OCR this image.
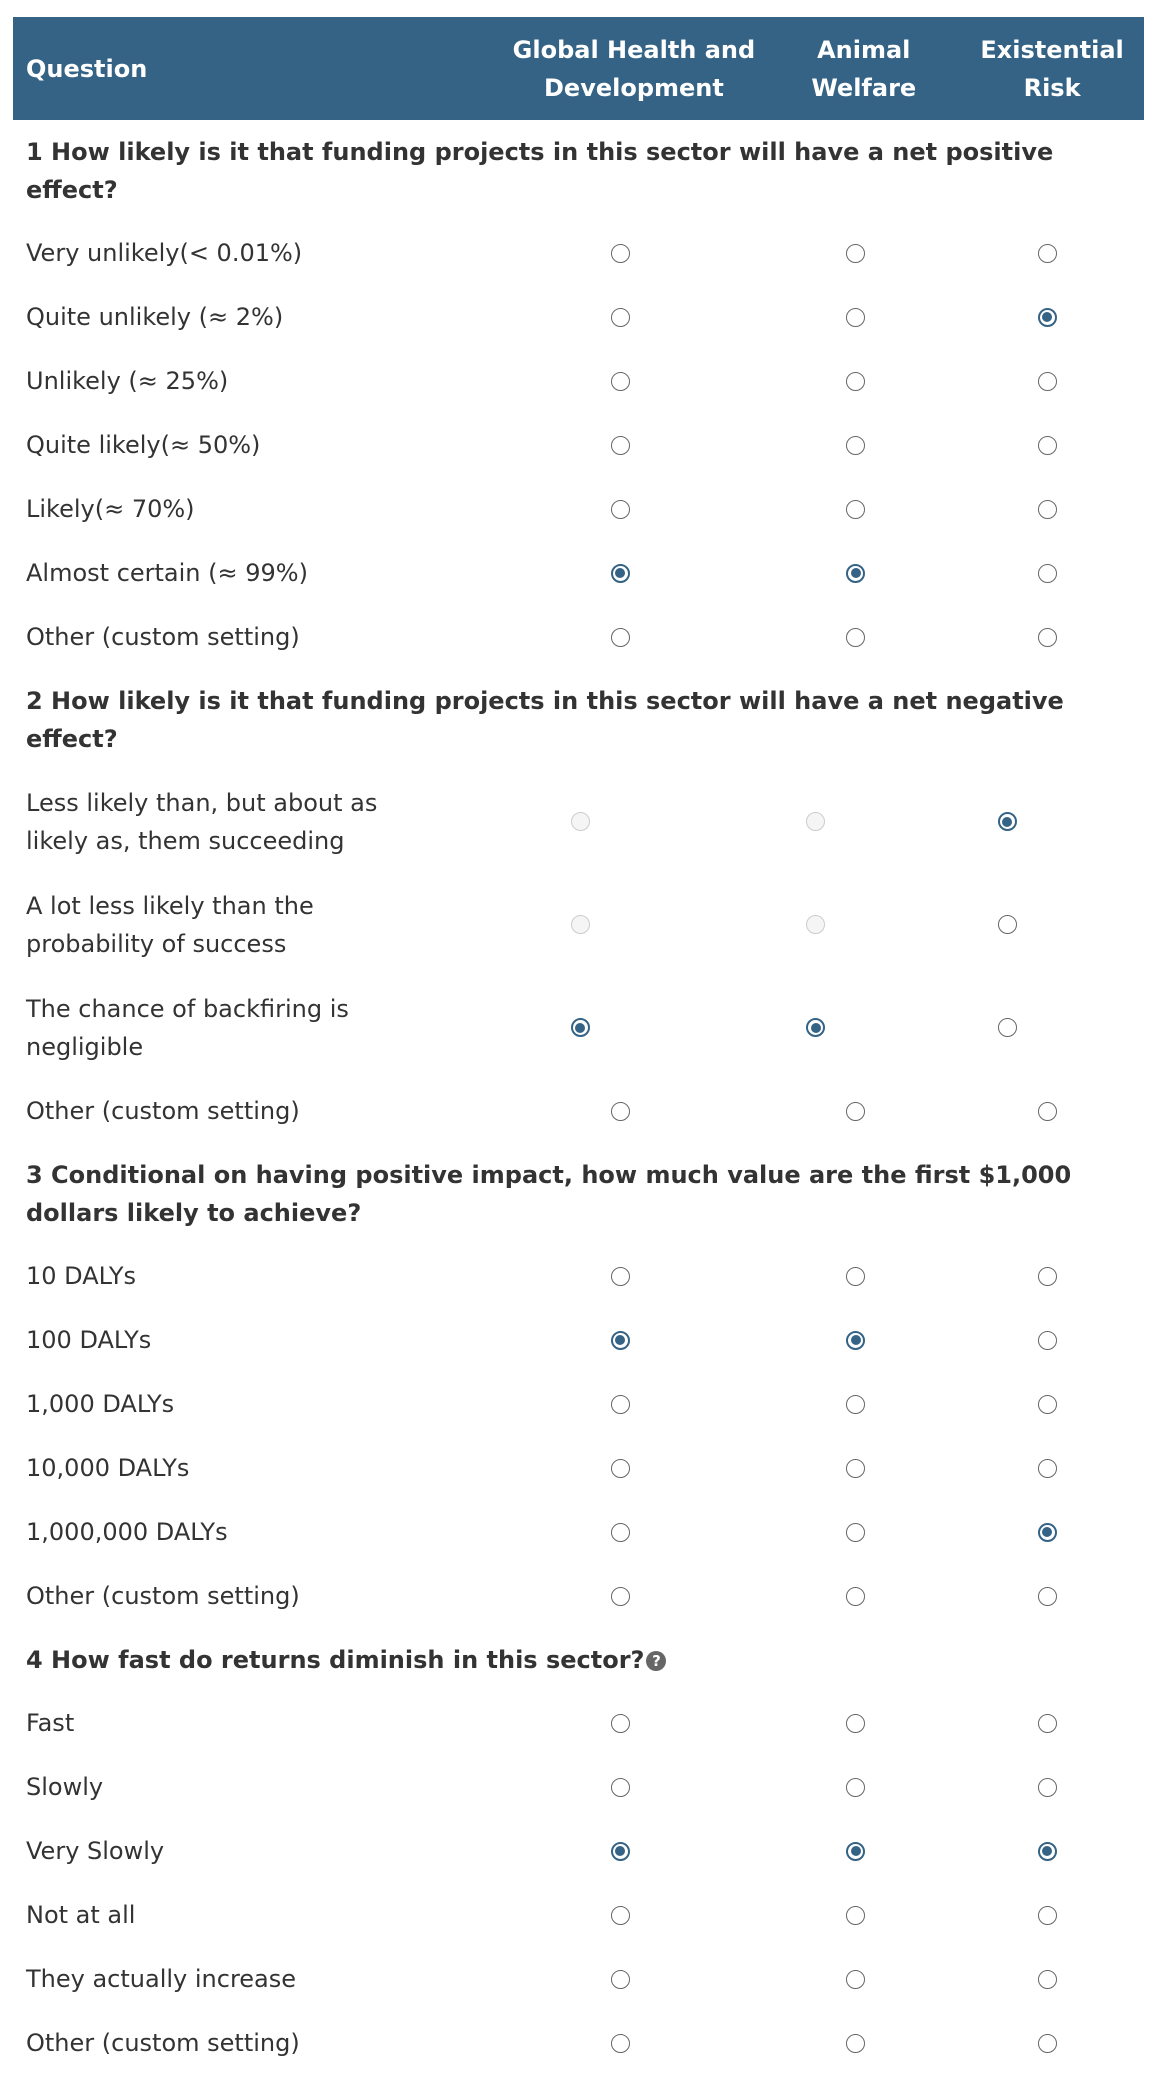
Question
Global Health and Development
Animal Welfare
Existential Risk
1 How likely is it that funding projects in this sector will have a net positive effect?
Very unlikely(< 0.01%)
Quite unlikely (≈ 2%)
Unlikely (≈ 25%)
Quite likely(≈ 50%)
Likely(≈ 70%)
Almost certain (≈ 99%)
Other (custom setting)
2 How likely is it that funding projects in this sector will have a net negative effect?
Less likely than, but about as likely as, them succeeding
A lot less likely than the probability of success
The chance of backfiring is negligible
Other (custom setting)
3 Conditional on having positive impact, how much value are the first $1,000 dollars likely to achieve?
10 DALYs
100 DALYs
1,000 DALYs
10,000 DALYs
1,000,000 DALYs
Other (custom setting)
4 How fast do returns diminish in this sector? ?
Fast
Slowly
Very Slowly
Not at all
They actually increase
Other (custom setting)
